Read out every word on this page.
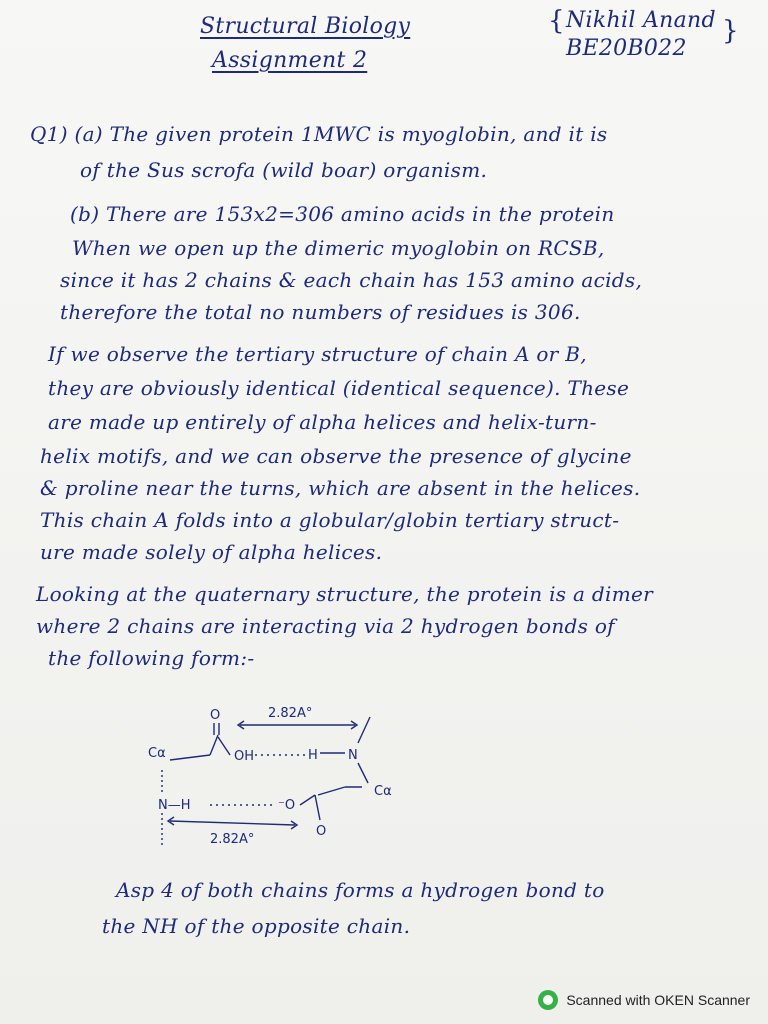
Structural Biology
Assignment 2
{ Nikhil Anand
BE20B022
}
Q1) (a) The given protein 1MWC is myoglobin, and it is
of the Sus scrofa (wild boar) organism.
(b) There are 153x2=306 amino acids in the protein
When we open up the dimeric myoglobin on RCSB,
since it has 2 chains & each chain has 153 amino acids,
therefore the total no numbers of residues is 306.
If we observe the tertiary structure of chain A or B,
they are obviously identical (identical sequence). These
are made up entirely of alpha helices and helix-turn-
helix motifs, and we can observe the presence of glycine
& proline near the turns, which are absent in the helices.
This chain A folds into a globular/globin tertiary struct-
ure made solely of alpha helices.
Looking at the quaternary structure, the protein is a dimer
where 2 chains are interacting via 2 hydrogen bonds of
the following form:-
2.82A°
O
Cα	OH	H N
Cα
N—H	⁻O
O
2.82A°
Asp 4 of both chains forms a hydrogen bond to
the NH of the opposite chain.
Scanned with OKEN Scanner
